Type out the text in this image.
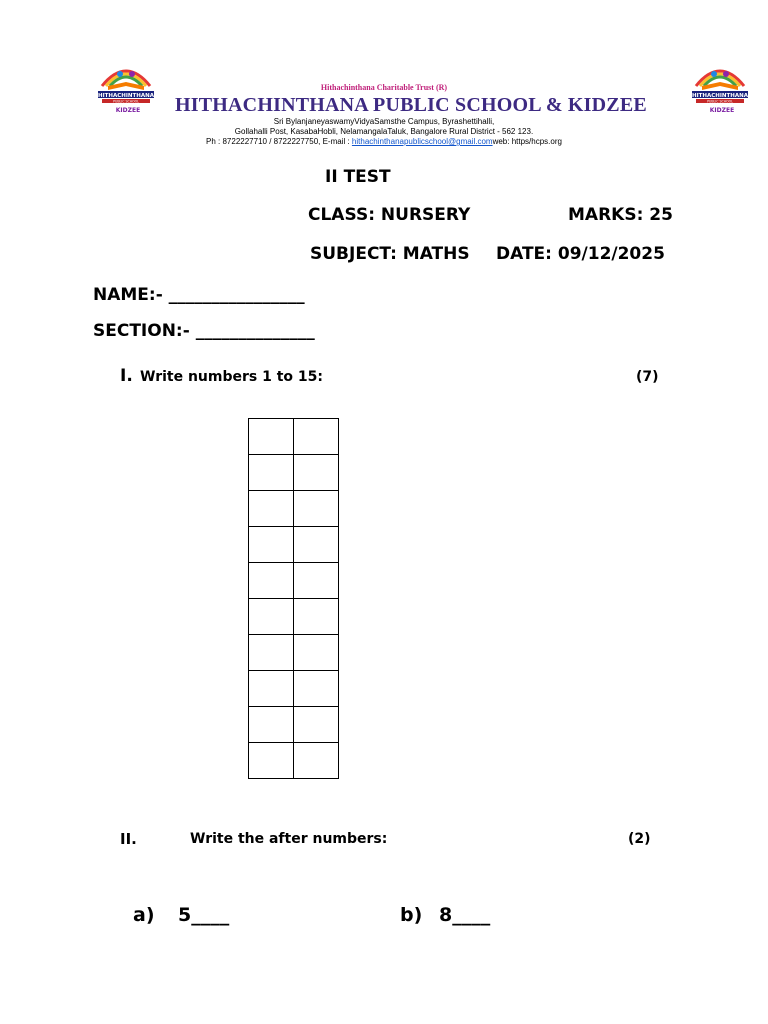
HITHACHINTHANA
PUBLIC SCHOOL
KIDZEE
HITHACHINTHANA
PUBLIC SCHOOL
KIDZEE
Hithachinthana Charitable Trust (R)
HITHACHINTHANA PUBLIC SCHOOL & KIDZEE
Sri BylanjaneyaswamyVidyaSamsthe Campus, Byrashettihalli,
Gollahalli Post, KasabaHobli, NelamangalaTaluk, Bangalore Rural District - 562 123.
Ph : 8722227710 / 8722227750, E-mail : hithachinthanapublicschool@gmail.comweb: https/hcps.org
II TEST
CLASS: NURSERY	MARKS: 25
SUBJECT: MATHS DATE: 09/12/2025
NAME:- ________________
SECTION:- ______________
I. Write numbers 1 to 15:	(7)

II.	Write the after numbers:	(2)
a) 5____	b) 8____
